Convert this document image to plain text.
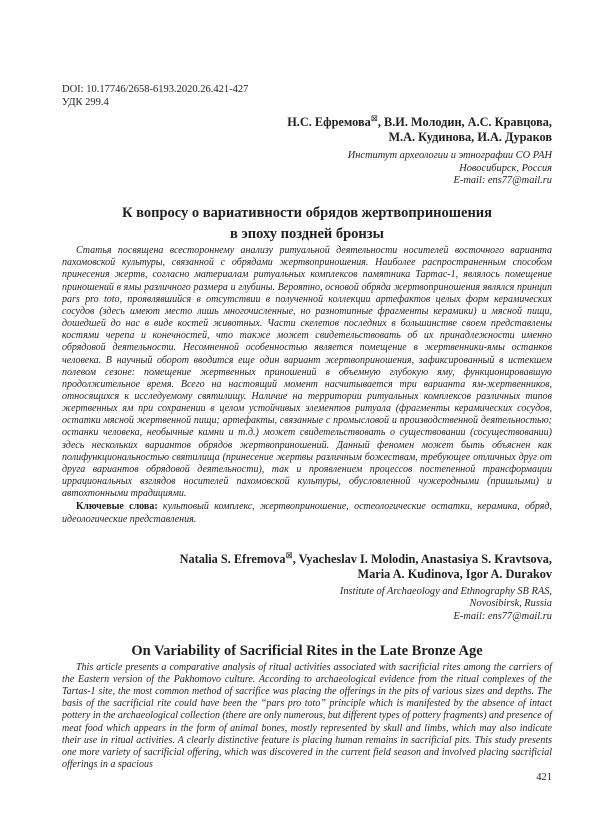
DOI: 10.17746/2658-6193.2020.26.421-427
УДК 299.4
Н.С. Ефремова⊠, В.И. Молодин, А.С. Кравцова,
М.А. Кудинова, И.А. Дураков
Институт археологии и этнографии СО РАН
Новосибирск, Россия
E-mail: ens77@mail.ru
К вопросу о вариативности обрядов жертвоприношения
в эпоху поздней бронзы

Статья посвящена всестороннему анализу ритуальной деятельности носителей восточного варианта пахомовской культуры, связанной с обрядами жертвоприношения. Наиболее распространенным способом принесения жертв, согласно материалам ритуальных комплексов памятника Тартас-1, являлось помещение приношений в ямы различного размера и глубины. Вероятно, основой обряда жертвоприношения являлся принцип pars pro toto, проявлявшийся в отсутствии в полученной коллекции артефактов целых форм керамических сосудов (здесь имеют место лишь многочисленные, но разнотипные фрагменты керамики) и мясной пищи, дошедшей до нас в виде костей животных. Части скелетов последних в большинстве своем представлены костями черепа и конечностей, что также может свидетельствовать об их принадлежности именно обрядовой деятельности. Несомненной особенностью является помещение в жертвенники-ямы останков человека. В научный оборот вводится еще один вариант жертвоприношения, зафиксированный в истекшем полевом сезоне: помещение жертвенных приношений в объемную глубокую яму, функционировавшую продолжительное время. Всего на настоящий момент насчитывается три варианта ям-жертвенников, относящихся к исследуемому святилищу. Наличие на территории ритуальных комплексов различных типов жертвенных ям при сохранении в целом устойчивых элементов ритуала (фрагменты керамических сосудов, остатки мясной жертвенной пищи; артефакты, связанные с промысловой и производственной деятельностью; останки человека, необычные камни и т.д.) может свидетельствовать о существовании (сосуществовании) здесь нескольких вариантов обрядов жертвоприношений. Данный феномен может быть объяснен как полифункциональностью святилища (принесение жертвы различным божествам, требующее отличных друг от друга вариантов обрядовой деятельности), так и проявлением процессов постепенной трансформации иррациональных взглядов носителей пахомовской культуры, обусловленной чужеродными (пришлыми) и автохтонными традициями.

Ключевые слова: культовый комплекс, жертвоприношение, остеологические остатки, керамика, обряд, идеологические представления.

Natalia S. Efremova⊠, Vyacheslav I. Molodin, Anastasiya S. Kravtsova,
Maria A. Kudinova, Igor A. Durakov
Institute of Archaeology and Ethnography SB RAS,
Novosibirsk, Russia
E-mail: ens77@mail.ru
On Variability of Sacrificial Rites in the Late Bronze Age

This article presents a comparative analysis of ritual activities associated with sacrificial rites among the carriers of the Eastern version of the Pakhomovo culture. According to archaeological evidence from the ritual complexes of the Tartas-1 site, the most common method of sacrifice was placing the offerings in the pits of various sizes and depths. The basis of the sacrificial rite could have been the “pars pro toto” principle which is manifested by the absence of intact pottery in the archaeological collection (there are only numerous, but different types of pottery fragments) and presence of meat food which appears in the form of animal bones, mostly represented by skull and limbs, which may also indicate their use in ritual activities. A clearly distinctive feature is placing human remains in sacrificial pits. This study presents one more variety of sacrificial offering, which was discovered in the current field season and involved placing sacrificial offerings in a spacious

421
